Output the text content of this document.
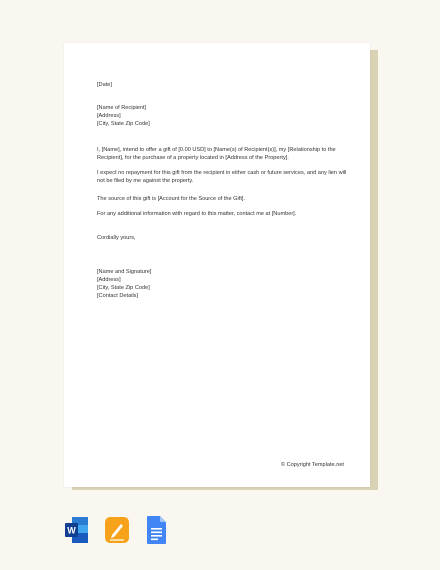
[Date]

[Name of Recipient]

[Address]

[City, State Zip Code]

I, [Name], intend to offer a gift of [0.00 USD] to [Name(s) of Recipient(s)], my [Relationship to the Recipient], for the purchase of a property located in [Address of the Property].

I expect no repayment for this gift from the recipient in either cash or future services, and any lien will not be filed by me against the property.

The source of this gift is [Account for the Source of the Gift].

For any additional information with regard to this matter, contact me at [Number].

Cordially yours,

[Name and Signature]

[Address]

[City, State Zip Code]

[Contact Details]

© Copyright Template.net

W
